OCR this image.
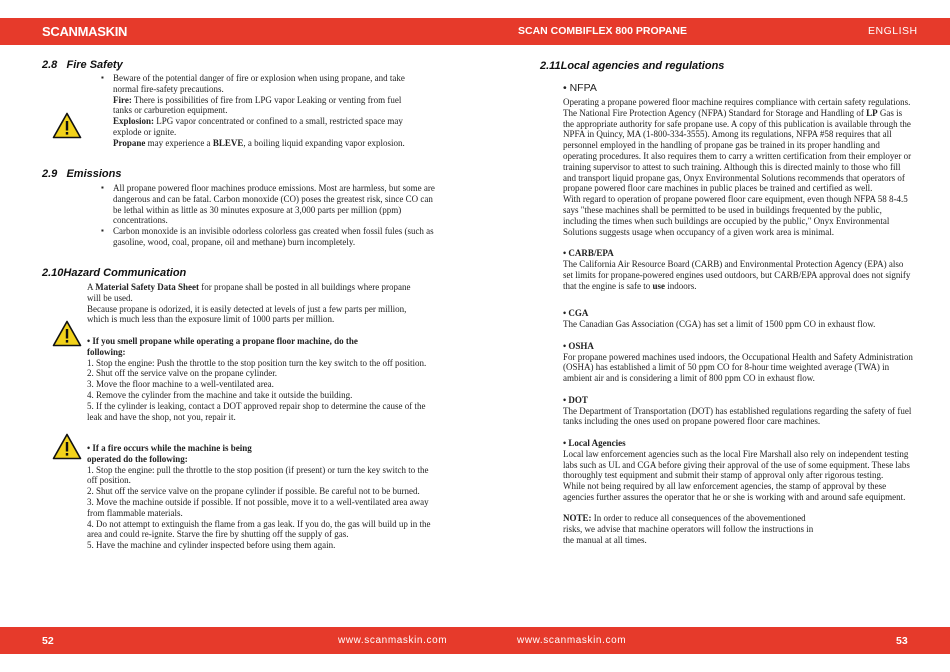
SCANMASKIN	SCAN COMBIFLEX 800 PROPANE	ENGLISH
2.8 Fire Safety

▪ Beware of the potential danger of fire or explosion when using propane, and take normal fire-safety precautions.

Fire: There is possibilities of fire from LPG vapor Leaking or venting from fuel tanks or carburetion equipment.

Explosion: LPG vapor concentrated or confined to a small, restricted space may explode or ignite.

Propane may experience a BLEVE, a boiling liquid expanding vapor explosion.

2.9 Emissions

▪ All propane powered floor machines produce emissions. Most are harmless, but some are dangerous and can be fatal. Carbon monoxide (CO) poses the greatest risk, since CO can be lethal within as little as 30 minutes exposure at 3,000 parts per million (ppm) concentrations.

▪ Carbon monoxide is an invisible odorless colorless gas created when fossil fules (such as gasoline, wood, coal, propane, oil and methane) burn incompletely.

2.10Hazard Communication

A Material Safety Data Sheet for propane shall be posted in all buildings where propane will be used.

Because propane is odorized, it is easily detected at levels of just a few parts per million, which is much less than the exposure limit of 1000 parts per million.

• If you smell propane while operating a propane floor machine, do the following:

1. Stop the engine: Push the throttle to the stop position turn the key switch to the off position.

2. Shut off the service valve on the propane cylinder.

3. Move the floor machine to a well-ventilated area.

4. Remove the cylinder from the machine and take it outside the building.

5. If the cylinder is leaking, contact a DOT approved repair shop to determine the cause of the leak and have the shop, not you, repair it.

• If a fire occurs while the machine is being operated do the following:

1. Stop the engine: pull the throttle to the stop position (if present) or turn the key switch to the off position.

2. Shut off the service valve on the propane cylinder if possible. Be careful not to be burned.

3. Move the machine outside if possible. If not possible, move it to a well-ventilated area away from flammable materials.

4. Do not attempt to extinguish the flame from a gas leak. If you do, the gas will build up in the area and could re-ignite. Starve the fire by shutting off the supply of gas.

5. Have the machine and cylinder inspected before using them again.

2.11Local agencies and regulations
• NFPA

Operating a propane powered floor machine requires compliance with certain safety regulations.

The National Fire Protection Agency (NFPA) Standard for Storage and Handling of LP Gas is the appropriate authority for safe propane use. A copy of this publication is available through the NPFA in Quincy, MA (1-800-334-3555). Among its regulations, NFPA #58 requires that all personnel employed in the handling of propane gas be trained in its proper handling and operating procedures. It also requires them to carry a written certification from their employer or training supervisor to attest to such training. Although this is directed mainly to those who fill and transport liquid propane gas, Onyx Environmental Solutions recommends that operators of propane powered floor care machines in public places be trained and certified as well.

With regard to operation of propane powered floor care equipment, even though NFPA 58 8-4.5 says "these machines shall be permitted to be used in buildings frequented by the public, including the times when such buildings are occupied by the public," Onyx Environmental Solutions suggests usage when occupancy of a given work area is minimal.

• CARB/EPA

The California Air Resource Board (CARB) and Environmental Protection Agency (EPA) also set limits for propane-powered engines used outdoors, but CARB/EPA approval does not signify that the engine is safe to use indoors.

• CGA

The Canadian Gas Association (CGA) has set a limit of 1500 ppm CO in exhaust flow.

• OSHA

For propane powered machines used indoors, the Occupational Health and Safety Administration (OSHA) has established a limit of 50 ppm CO for 8-hour time weighted average (TWA) in ambient air and is considering a limit of 800 ppm CO in exhaust flow.

• DOT

The Department of Transportation (DOT) has established regulations regarding the safety of fuel tanks including the ones used on propane powered floor care machines.

• Local Agencies

Local law enforcement agencies such as the local Fire Marshall also rely on independent testing labs such as UL and CGA before giving their approval of the use of some equipment. These labs thoroughly test equipment and submit their stamp of approval only after rigorous testing.

While not being required by all law enforcement agencies, the stamp of approval by these agencies further assures the operator that he or she is working with and around safe equipment.

NOTE: In order to reduce all consequences of the abovementioned risks, we advise that machine operators will follow the instructions in the manual at all times.

52	www.scanmaskin.com	www.scanmaskin.com	53
